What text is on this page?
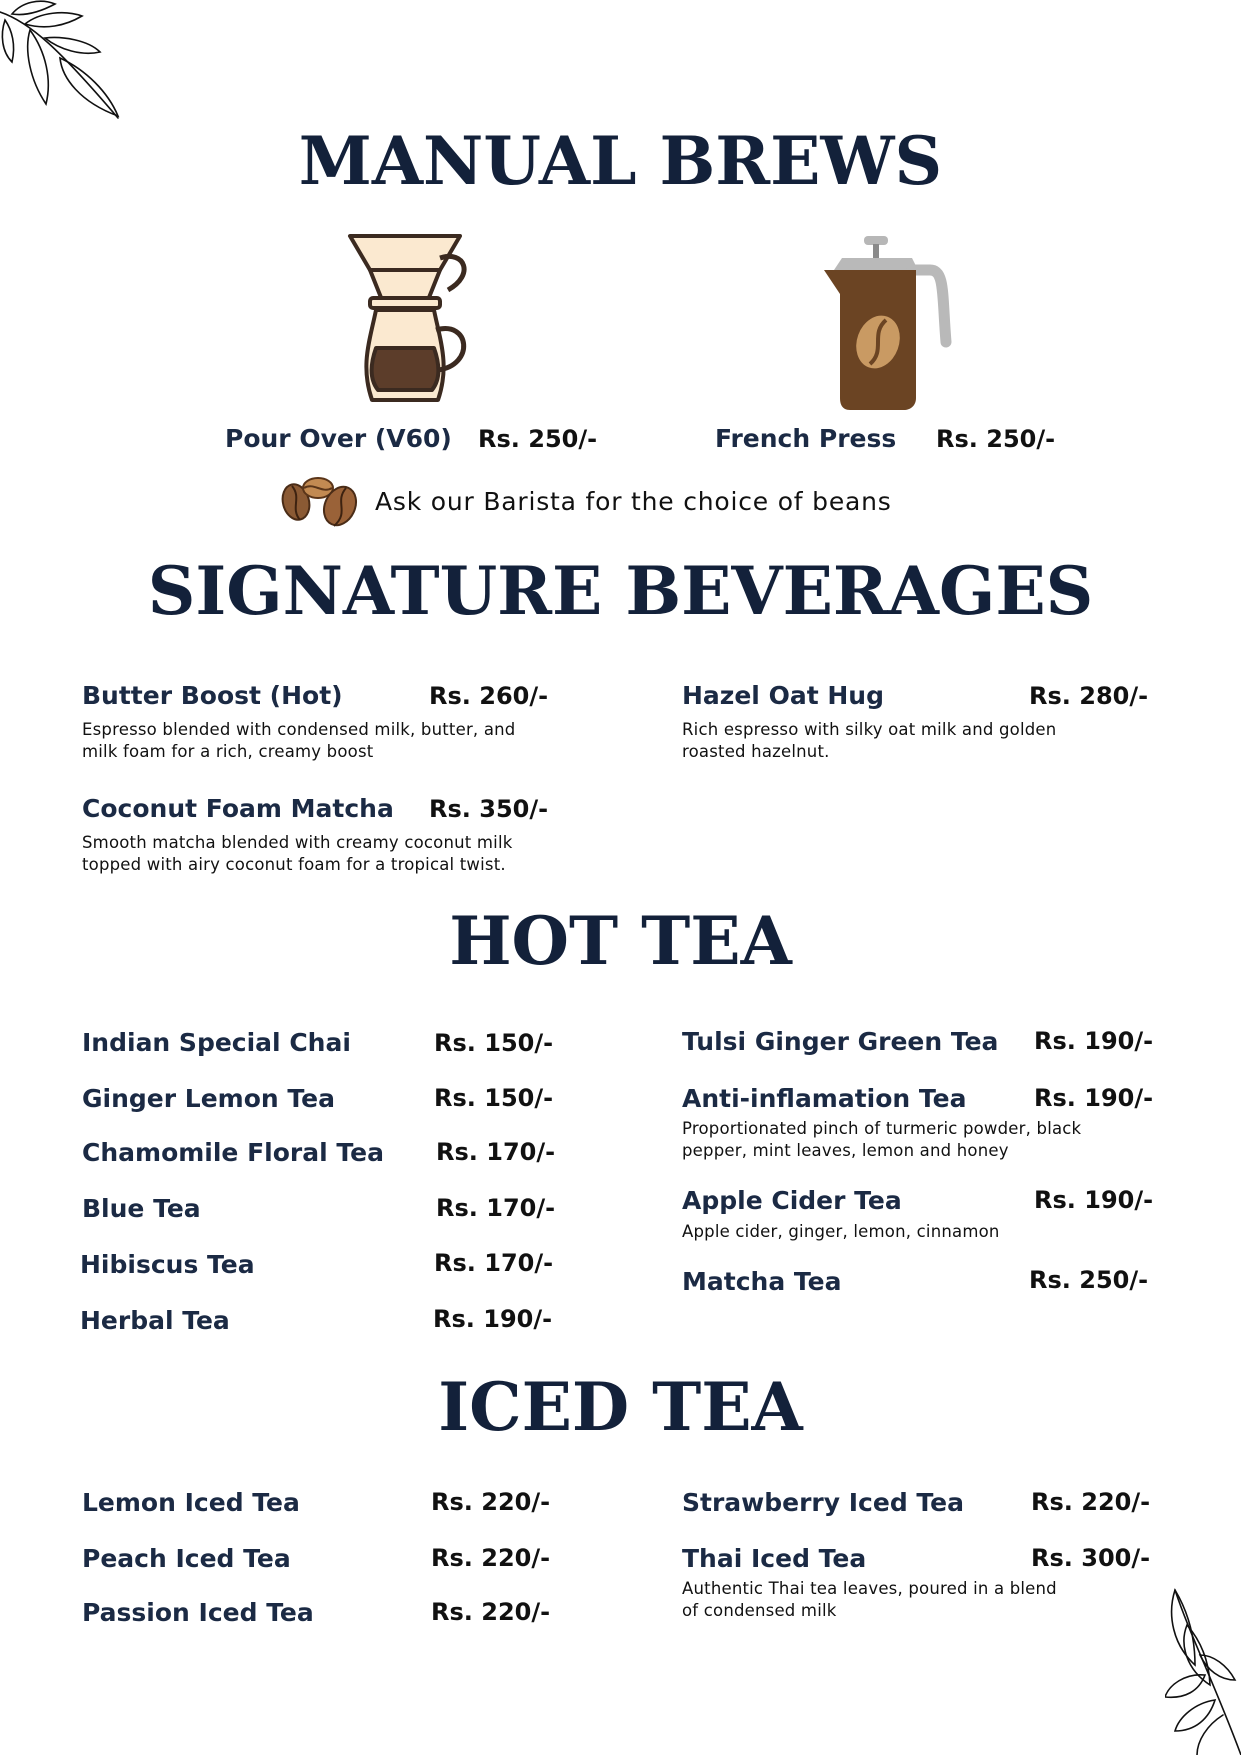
MANUAL BREWS
Pour Over (V60) Rs. 250/-	French Press Rs. 250/-
Ask our Barista for the choice of beans
SIGNATURE BEVERAGES
Butter Boost (Hot)	Rs. 260/-
Espresso blended with condensed milk, butter, and milk foam for a rich, creamy boost
Hazel Oat Hug	Rs. 280/-
Rich espresso with silky oat milk and golden roasted hazelnut.
Coconut Foam Matcha Rs. 350/-
Smooth matcha blended with creamy coconut milk topped with airy coconut foam for a tropical twist.
HOT TEA
Indian Special Chai	Rs. 150/-
Ginger Lemon Tea	Rs. 150/-
Chamomile Floral Tea Rs. 170/-
Blue Tea	Rs. 170/-
Hibiscus Tea	Rs. 170/-
Herbal Tea	Rs. 190/-
Tulsi Ginger Green Tea Rs. 190/-
Anti-inflamation Tea	Rs. 190/-
Proportionated pinch of turmeric powder, black pepper, mint leaves, lemon and honey
Apple Cider Tea	Rs. 190/-
Apple cider, ginger, lemon, cinnamon
Matcha Tea	Rs. 250/-
ICED TEA
Lemon Iced Tea	Rs. 220/-
Peach Iced Tea	Rs. 220/-
Passion Iced Tea	Rs. 220/-
Strawberry Iced Tea	Rs. 220/-
Thai Iced Tea	Rs. 300/-
Authentic Thai tea leaves, poured in a blend of condensed milk
